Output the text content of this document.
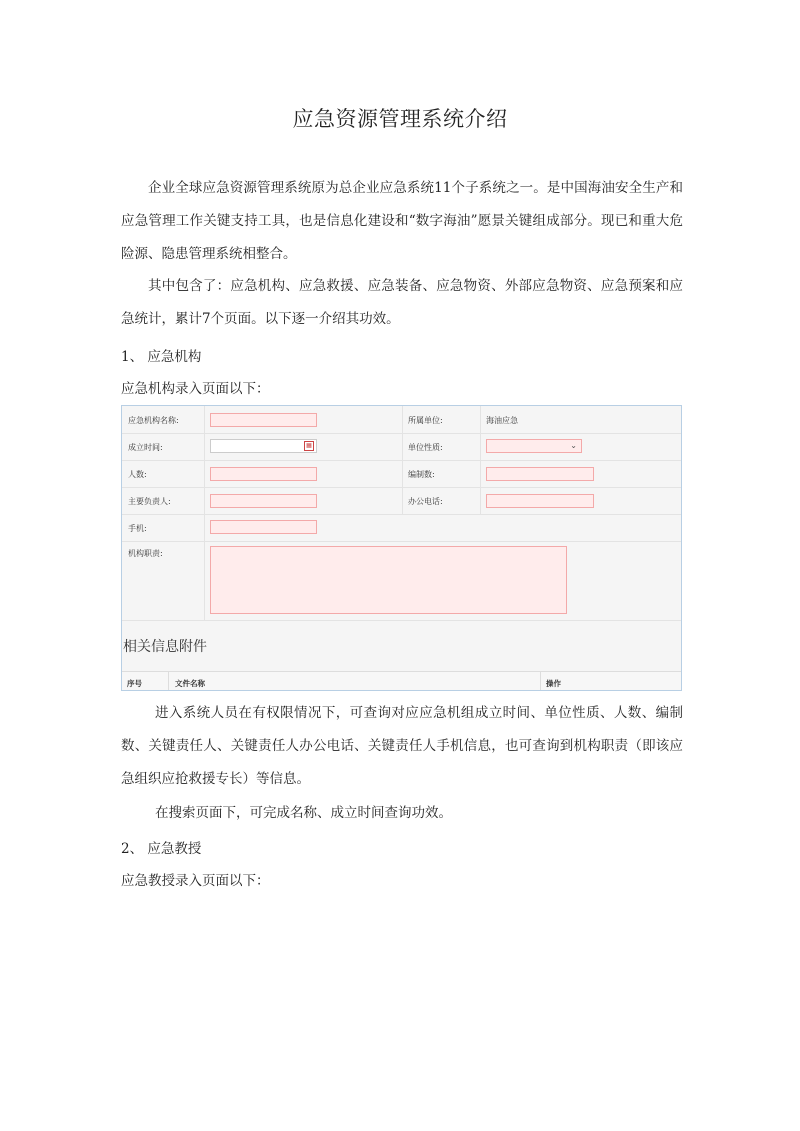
应急资源管理系统介绍
企业全球应急资源管理系统原为总企业应急系统11个子系统之一。是中国海油安全生产和应急管理工作关键支持工具，也是信息化建设和“数字海油”愿景关键组成部分。现已和重大危险源、隐患管理系统相整合。
其中包含了：应急机构、应急救援、应急装备、应急物资、外部应急物资、应急预案和应急统计，累计7个页面。以下逐一介绍其功效。
1、 应急机构
应急机构录入页面以下：
应急机构名称:	所属单位:	海油应急
成立时间:	▦	单位性质:	⌄
人数:	编制数:
主要负责人:	办公电话:
手机:
机构职责:
相关信息附件
序号	文件名称	操作
进入系统人员在有权限情况下，可查询对应应急机组成立时间、单位性质、人数、编制数、关键责任人、关键责任人办公电话、关键责任人手机信息，也可查询到机构职责（即该应急组织应抢救援专长）等信息。
在搜索页面下，可完成名称、成立时间查询功效。
2、 应急教授
应急教授录入页面以下：
